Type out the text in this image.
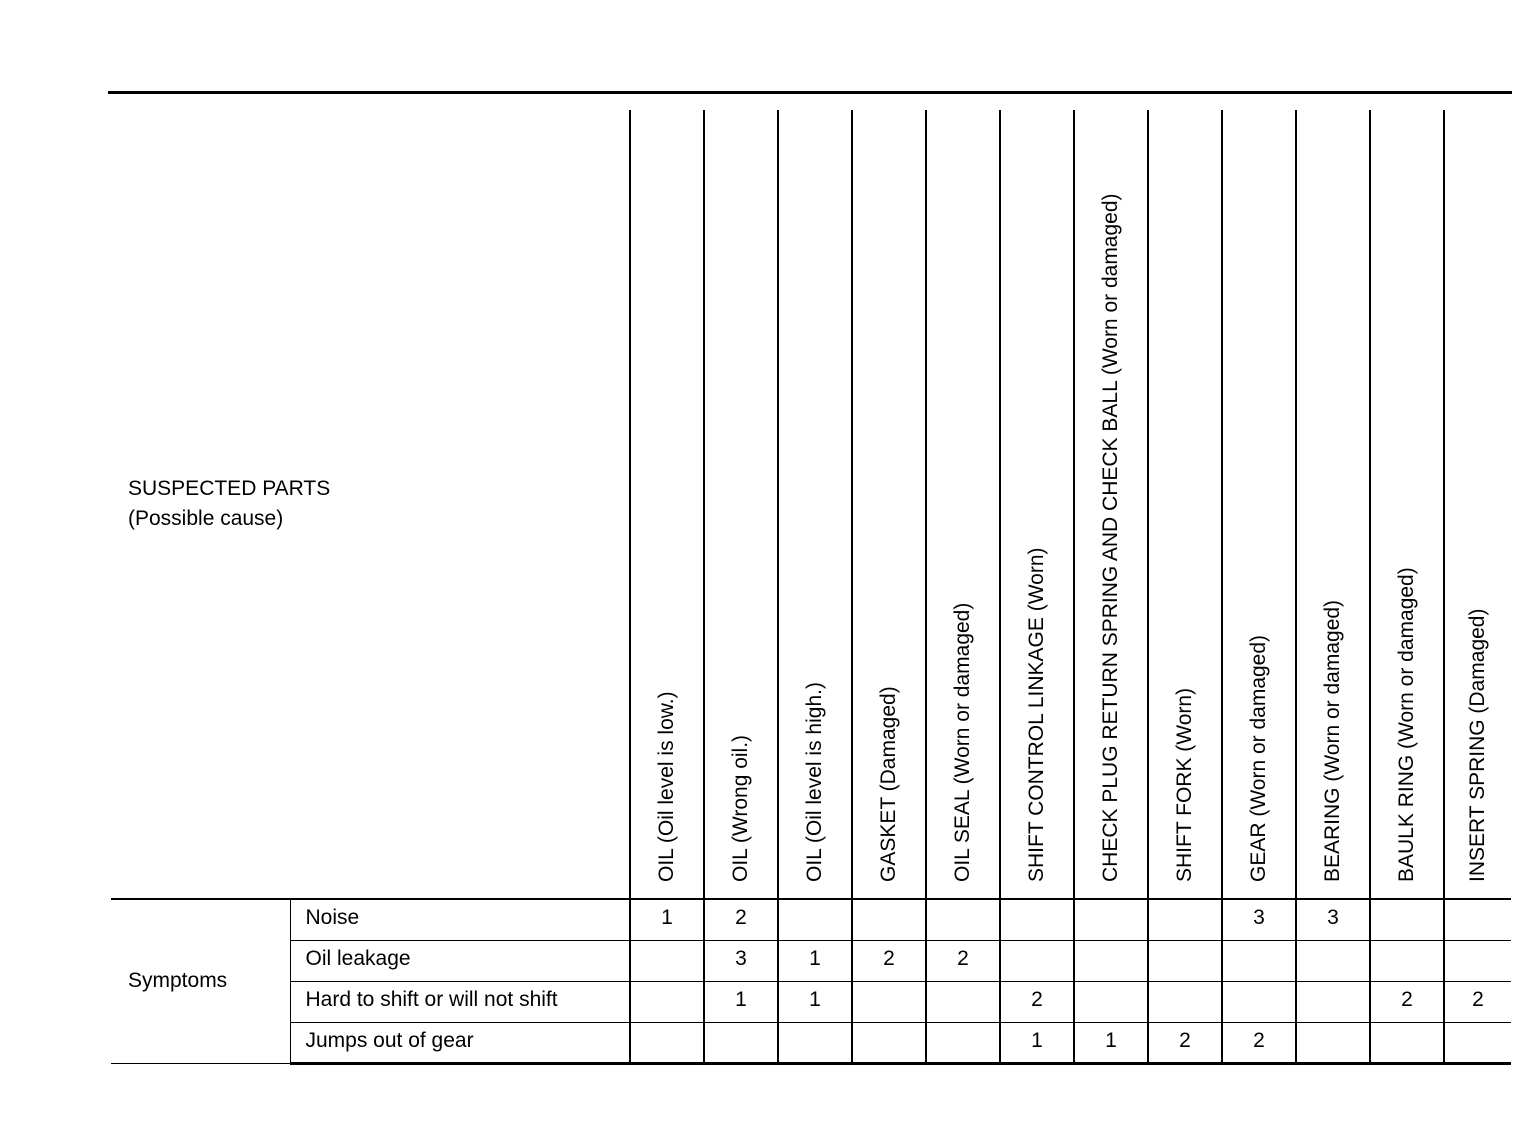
SUSPECTED PARTS
(Possible cause)		OIL (Oil level is low.)	OIL (Wrong oil.)	OIL (Oil level is high.)	GASKET (Damaged)	OIL SEAL (Worn or damaged)	SHIFT CONTROL LINKAGE (Worn)	CHECK PLUG RETURN SPRING AND CHECK BALL (Worn or damaged)	SHIFT FORK (Worn)	GEAR (Worn or damaged)	BEARING (Worn or damaged)	BAULK RING (Worn or damaged)	INSERT SPRING (Damaged)

Symptoms	Noise	1	2							3	3		
	Oil leakage		3	1	2	2							
	Hard to shift or will not shift		1	1			2					2	2
	Jumps out of gear						1	1	2	2			
